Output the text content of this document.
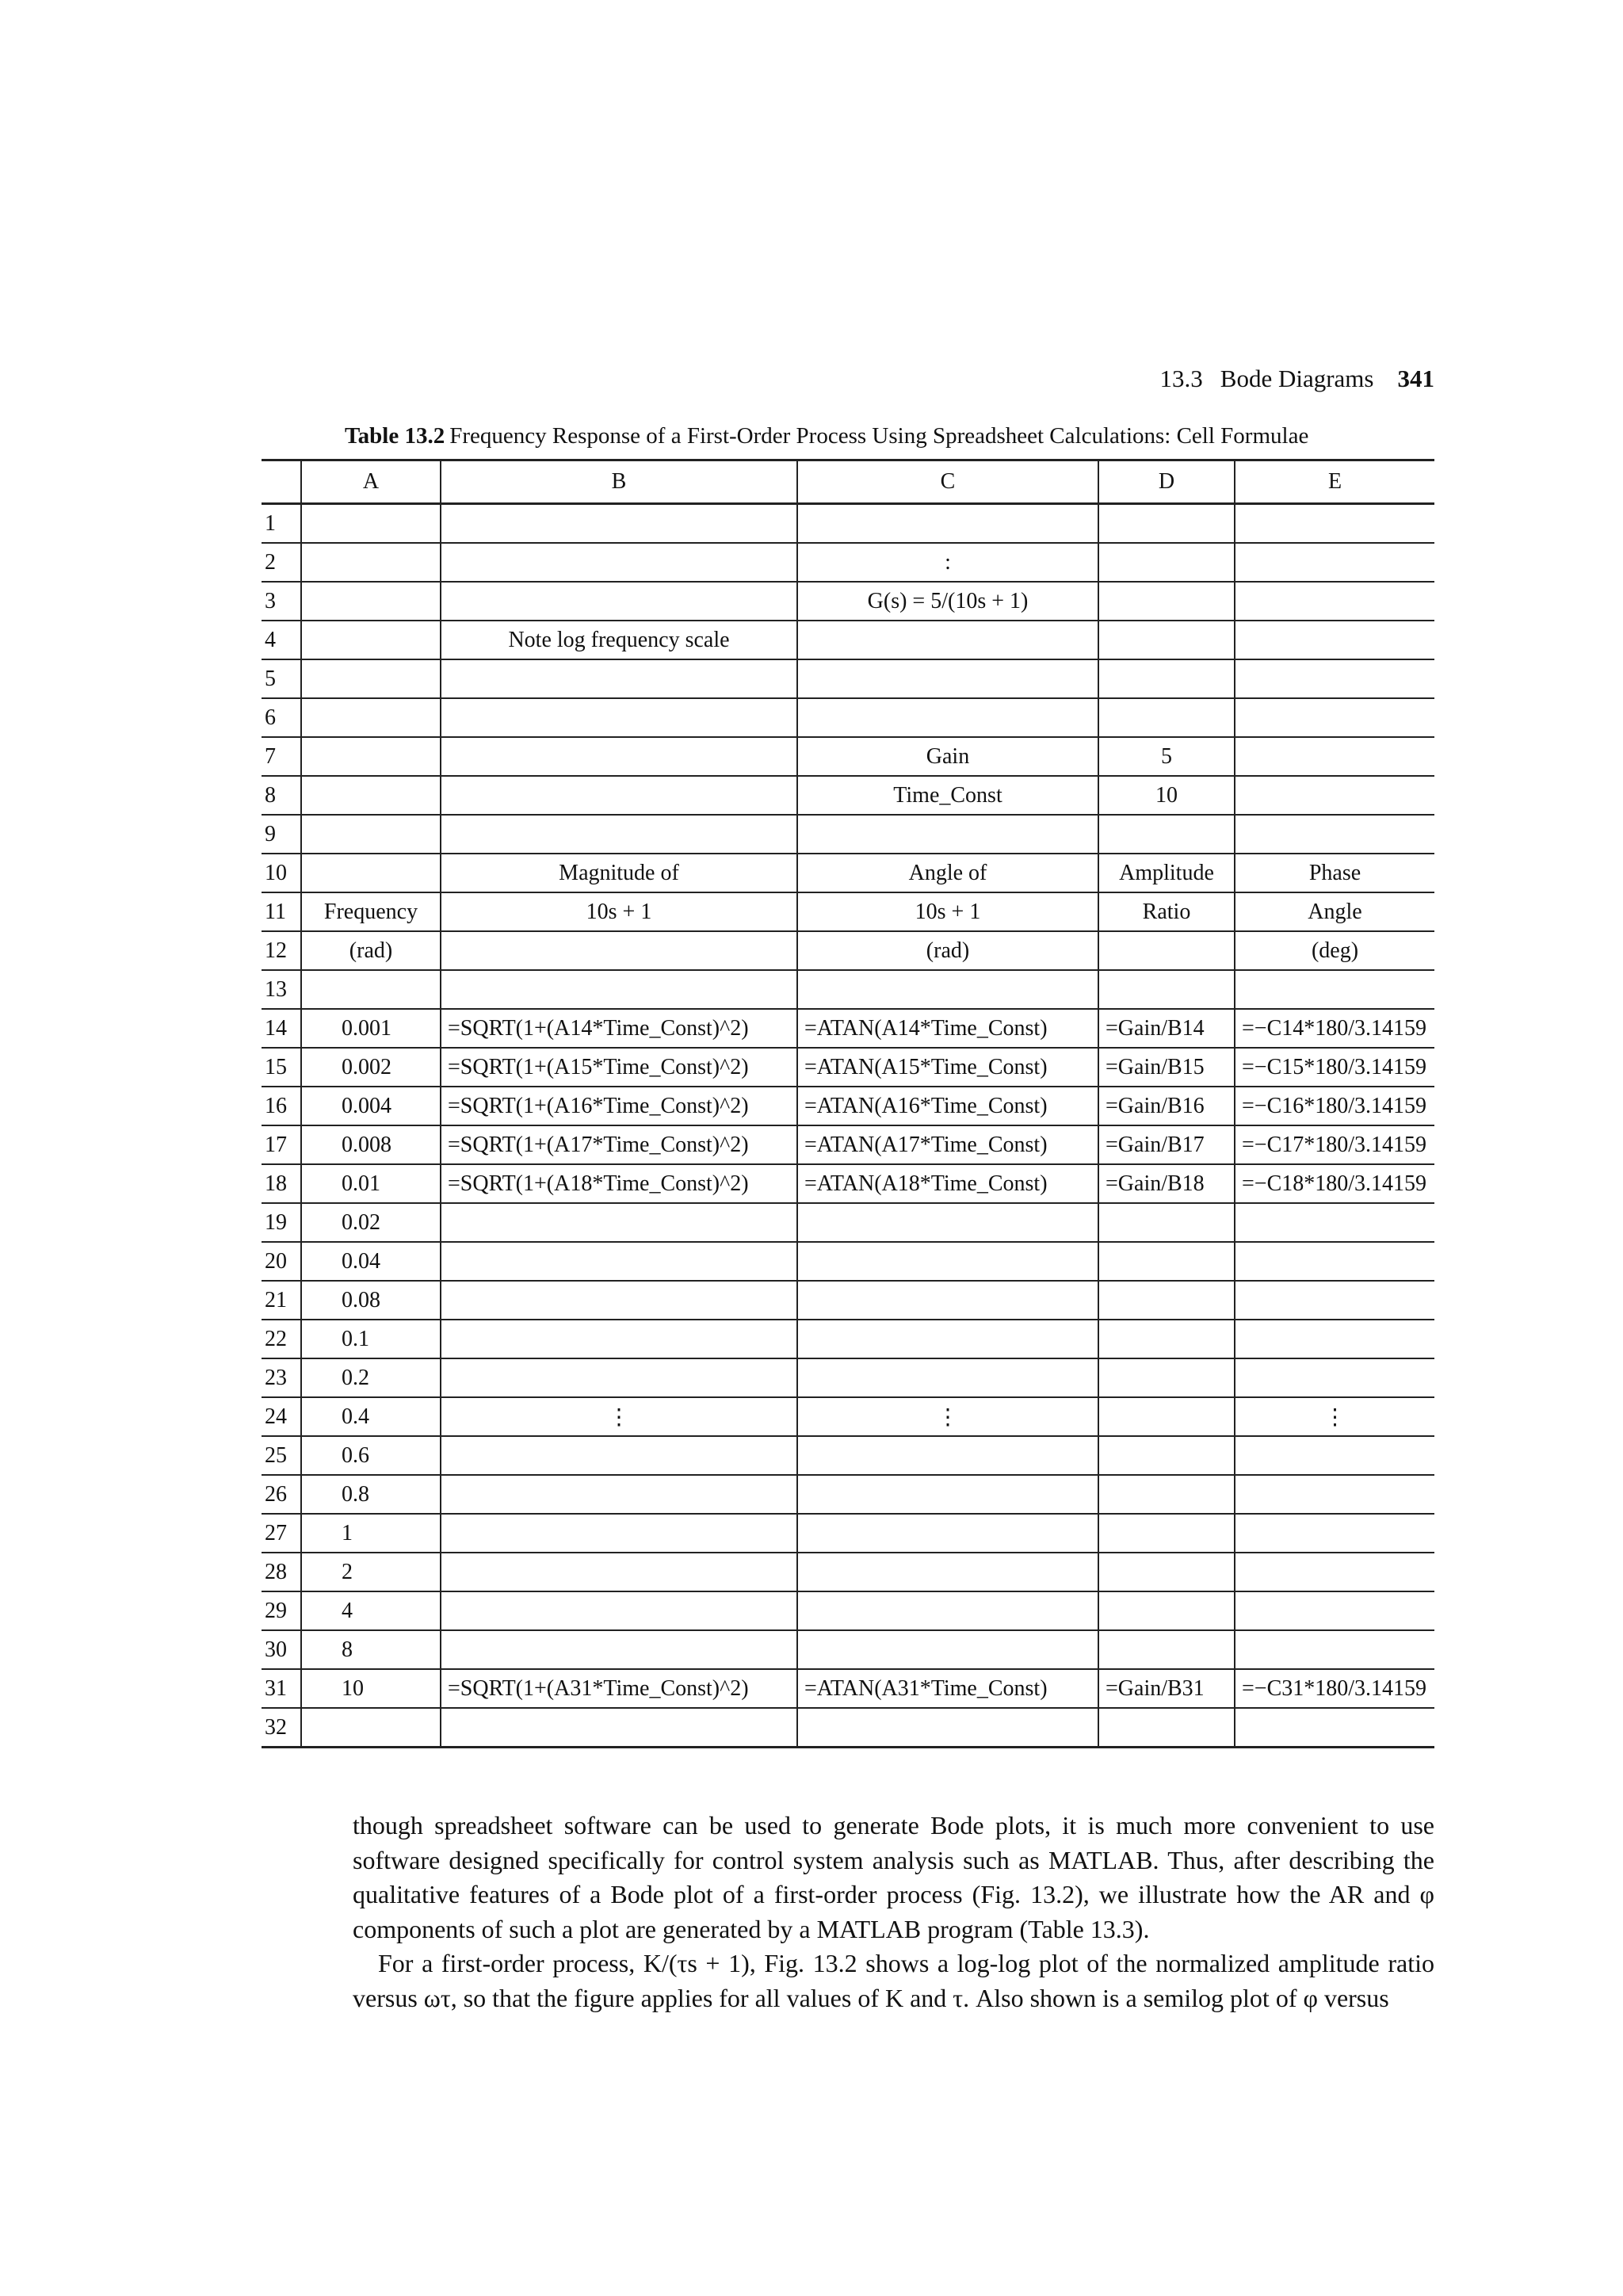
13.3 Bode Diagrams 341
Table 13.2 Frequency Response of a First-Order Process Using Spreadsheet Calculations: Cell Formulae
	A	B	C	D	E
1					
2			:		
3			G(s) = 5/(10s + 1)		
4		Note log frequency scale			
5					
6					
7			Gain	5	
8			Time_Const	10	
9					
10		Magnitude of	Angle of	Amplitude	Phase
11	Frequency	10s + 1	10s + 1	Ratio	Angle
12	(rad)		(rad)		(deg)
13					
14	0.001	=SQRT(1+(A14*Time_Const)^2)	=ATAN(A14*Time_Const)	=Gain/B14	=−C14*180/3.14159
15	0.002	=SQRT(1+(A15*Time_Const)^2)	=ATAN(A15*Time_Const)	=Gain/B15	=−C15*180/3.14159
16	0.004	=SQRT(1+(A16*Time_Const)^2)	=ATAN(A16*Time_Const)	=Gain/B16	=−C16*180/3.14159
17	0.008	=SQRT(1+(A17*Time_Const)^2)	=ATAN(A17*Time_Const)	=Gain/B17	=−C17*180/3.14159
18	0.01	=SQRT(1+(A18*Time_Const)^2)	=ATAN(A18*Time_Const)	=Gain/B18	=−C18*180/3.14159
19	0.02				
20	0.04				
21	0.08				
22	0.1				
23	0.2				
24	0.4	⋮	⋮		⋮
25	0.6				
26	0.8				
27	1				
28	2				
29	4				
30	8				
31	10	=SQRT(1+(A31*Time_Const)^2)	=ATAN(A31*Time_Const)	=Gain/B31	=−C31*180/3.14159
32					

though spreadsheet software can be used to generate Bode plots, it is much more convenient to use software designed specifically for control system analysis such as MATLAB. Thus, after describing the qualitative features of a Bode plot of a first-order process (Fig. 13.2), we illustrate how the AR and φ components of such a plot are generated by a MATLAB program (Table 13.3).

For a first-order process, K/(τs + 1), Fig. 13.2 shows a log-log plot of the normalized amplitude ratio versus ωτ, so that the figure applies for all values of K and τ. Also shown is a semilog plot of φ versus
